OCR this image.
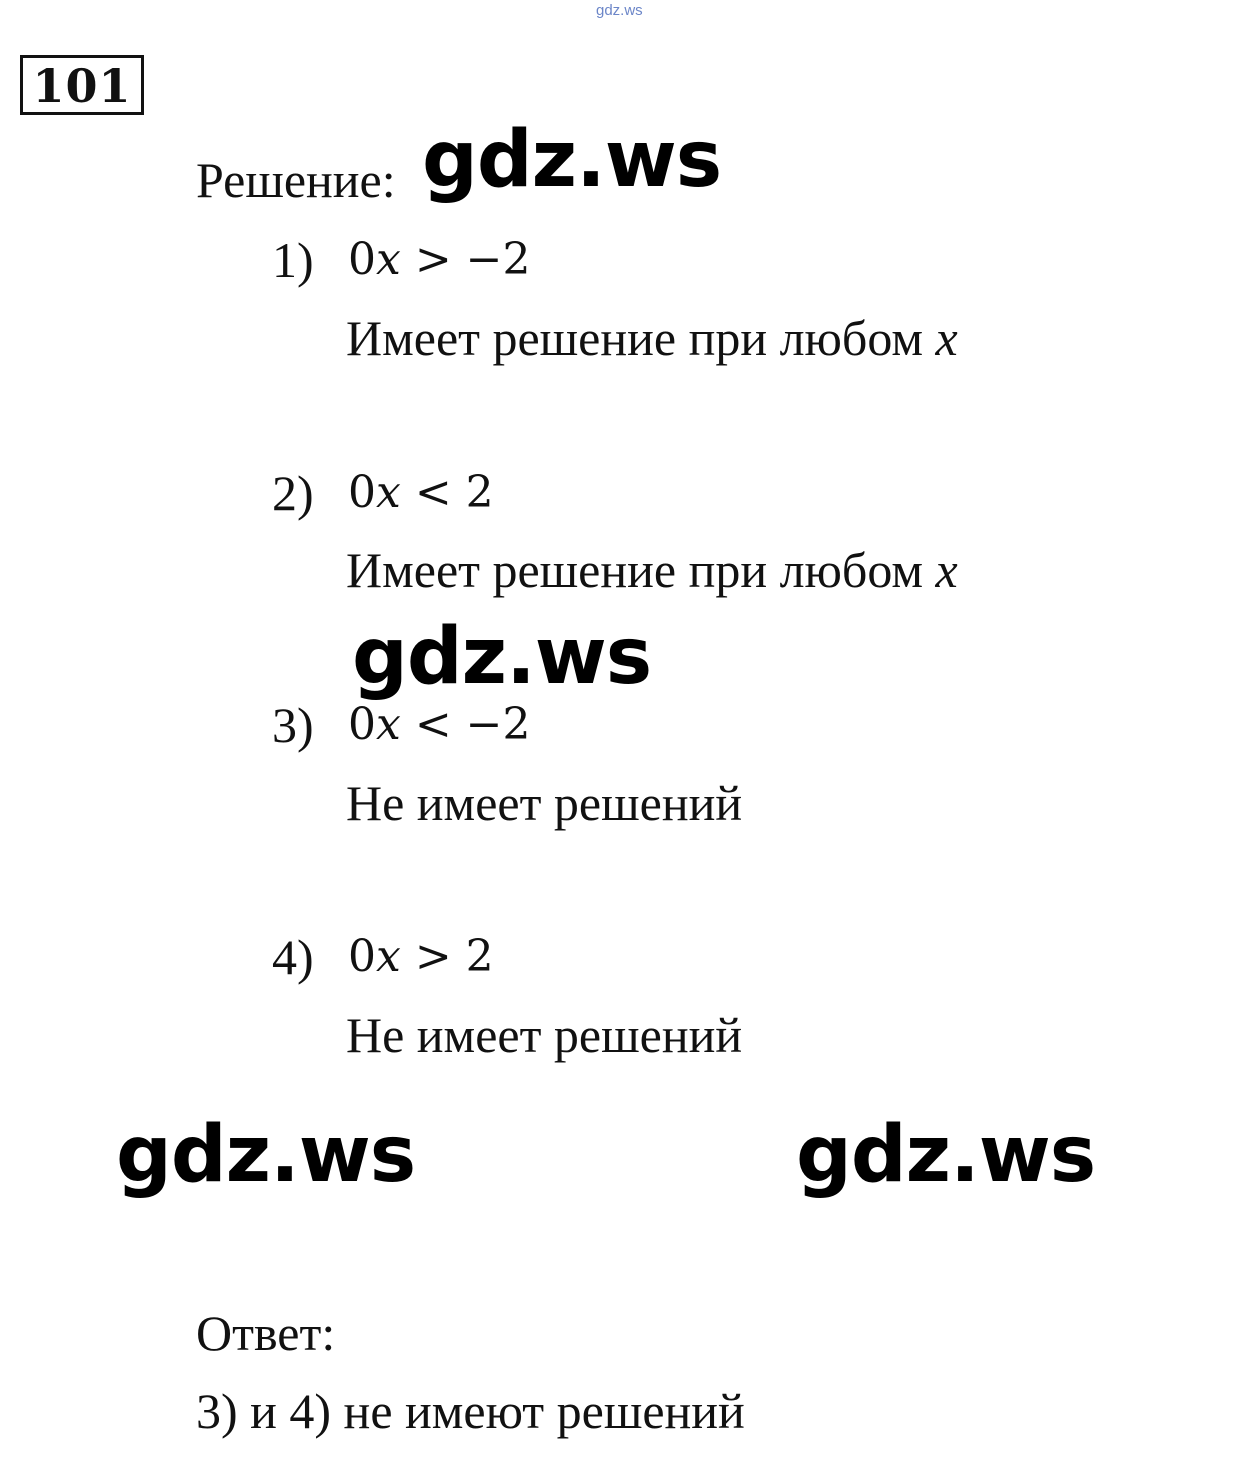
gdz.ws
101
Решение:
1) 0x > −2
Имеет решение при любом x
2) 0x < 2
Имеет решение при любом x
3) 0x < −2
Не имеет решений
4) 0x > 2
Не имеет решений
Ответ:
3) и 4) не имеют решений
gdz.ws
gdz.ws
gdz.ws	gdz.ws
